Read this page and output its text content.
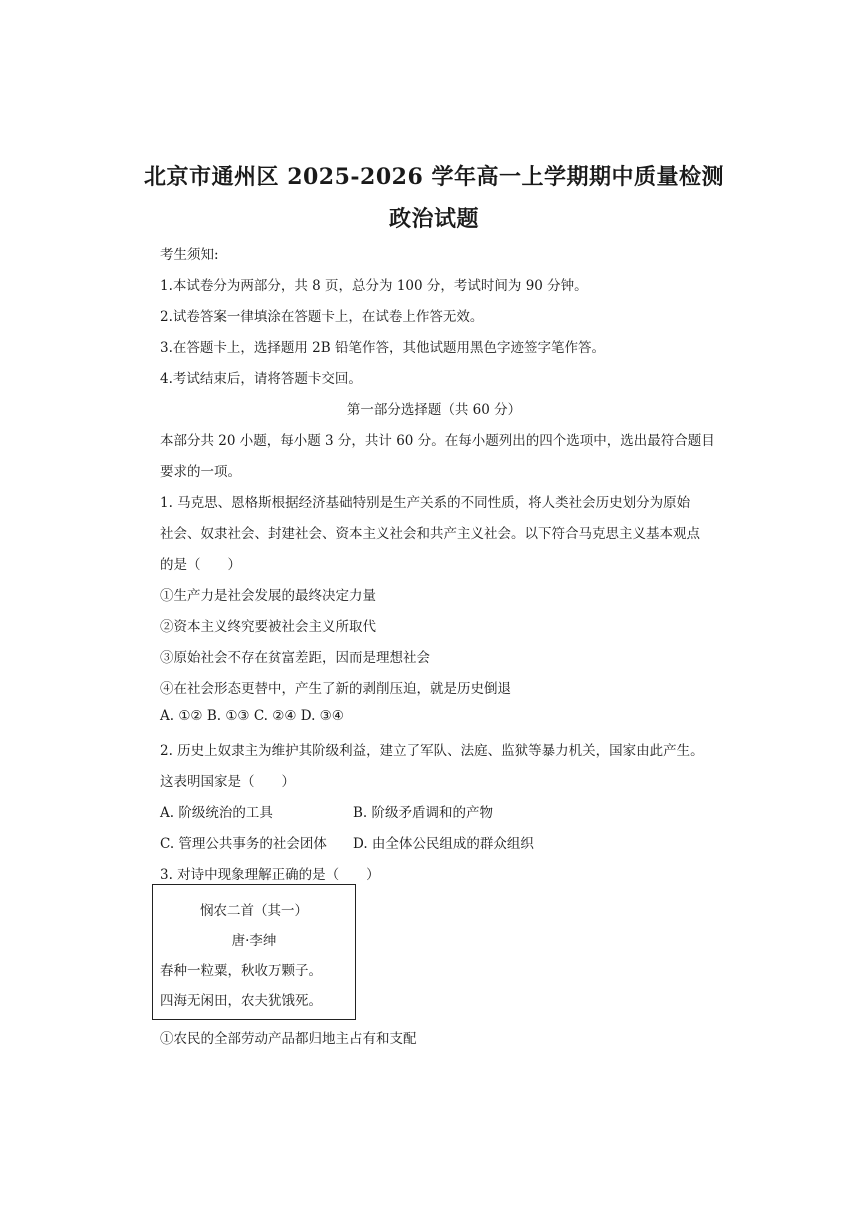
北京市通州区 2025-2026 学年高一上学期期中质量检测
政治试题
考生须知:
1.本试卷分为两部分，共 8 页，总分为 100 分，考试时间为 90 分钟。
2.试卷答案一律填涂在答题卡上，在试卷上作答无效。
3.在答题卡上，选择题用 2B 铅笔作答，其他试题用黑色字迹签字笔作答。
4.考试结束后，请将答题卡交回。
第一部分选择题（共 60 分）
本部分共 20 小题，每小题 3 分，共计 60 分。在每小题列出的四个选项中，选出最符合题目
要求的一项。
1. 马克思、恩格斯根据经济基础特别是生产关系的不同性质，将人类社会历史划分为原始
社会、奴隶社会、封建社会、资本主义社会和共产主义社会。以下符合马克思主义基本观点
的是（　　）
①生产力是社会发展的最终决定力量
②资本主义终究要被社会主义所取代
③原始社会不存在贫富差距，因而是理想社会
④在社会形态更替中，产生了新的剥削压迫，就是历史倒退
A. ①② B. ①③ C. ②④ D. ③④
2. 历史上奴隶主为维护其阶级利益，建立了军队、法庭、监狱等暴力机关，国家由此产生。
这表明国家是（　　）
A. 阶级统治的工具	B. 阶级矛盾调和的产物
C. 管理公共事务的社会团体 D. 由全体公民组成的群众组织
3. 对诗中现象理解正确的是（　　）
悯农二首（其一）
唐·李绅
春种一粒粟，秋收万颗子。
四海无闲田，农夫犹饿死。
①农民的全部劳动产品都归地主占有和支配
